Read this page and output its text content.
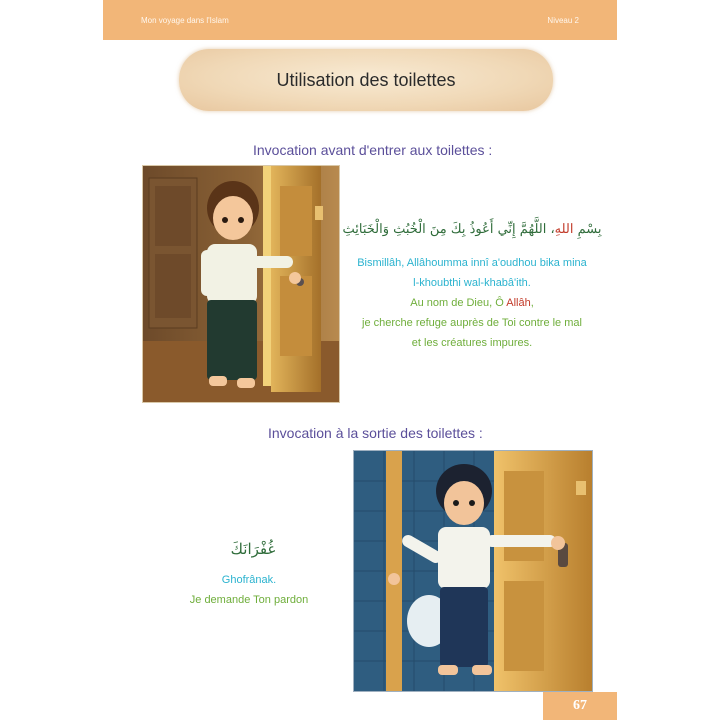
Mon voyage dans l'Islam	Niveau 2
Utilisation des toilettes
Invocation avant d'entrer aux toilettes :
بِسْمِ اللهِ، اللَّهُمَّ إِنِّي أَعُوذُ بِكَ مِنَ الْخُبُثِ وَالْخَبَائِثِ
Bismillâh, Allâhoumma innî a'oudhou bika mina
l-khoubthi wal-khabâ'ith.
Au nom de Dieu, Ô Allâh,
je cherche refuge auprès de Toi contre le mal
et les créatures impures.
Invocation à la sortie des toilettes :
غُفْرَانَكَ
Ghofrânak.
Je demande Ton pardon
67
